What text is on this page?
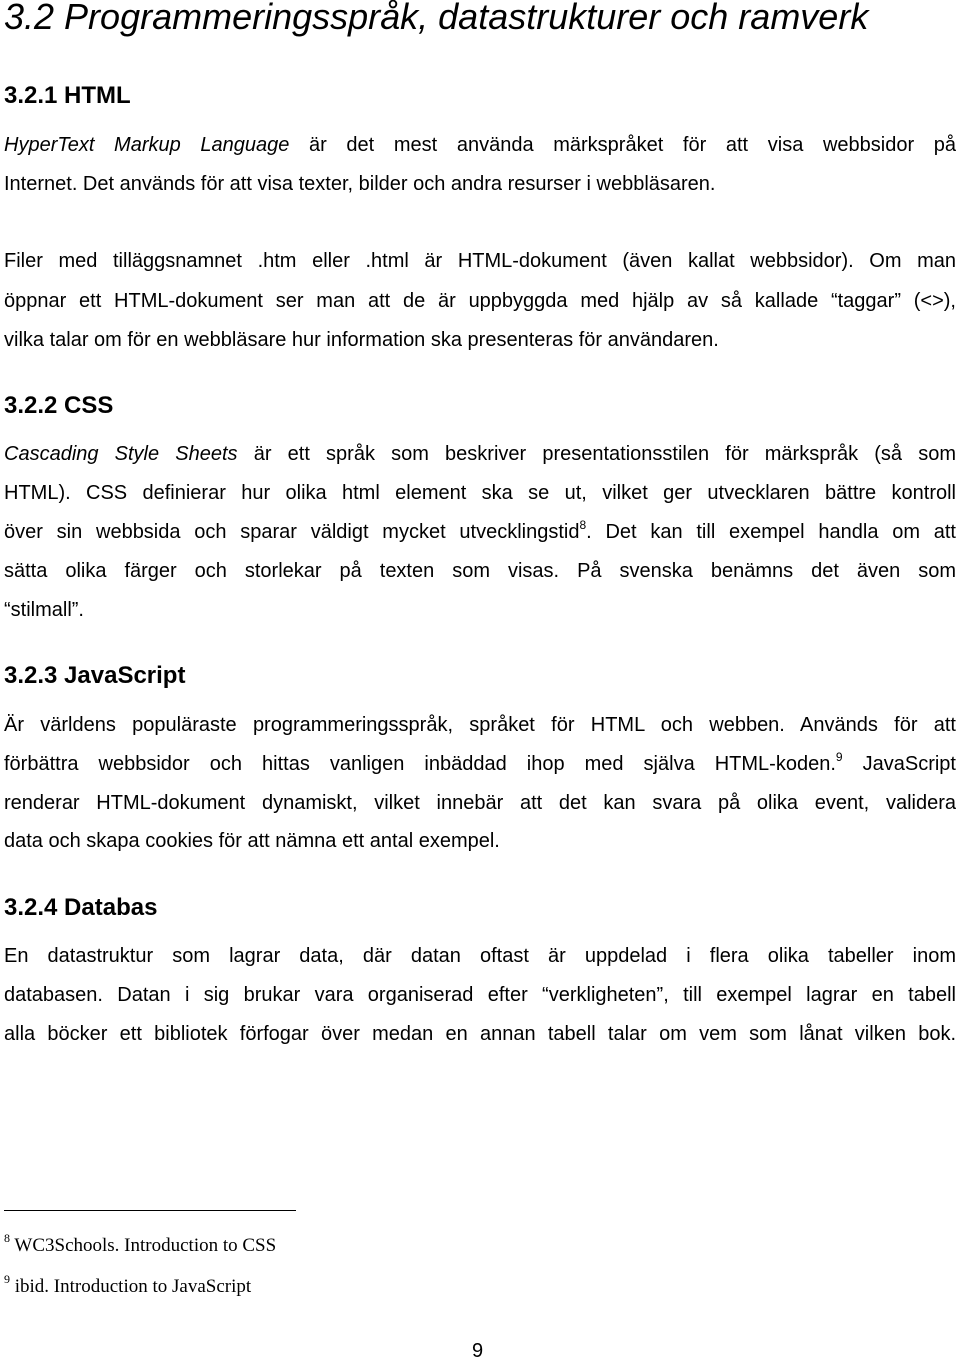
3.2 Programmeringsspråk, datastrukturer och ramverk
3.2.1 HTML
HyperText Markup Language är det mest använda märkspråket för att visa webbsidor på
Internet. Det används för att visa texter, bilder och andra resurser i webbläsaren.
Filer med tilläggsnamnet .htm eller .html är HTML-dokument (även kallat webbsidor). Om man
öppnar ett HTML-dokument ser man att de är uppbyggda med hjälp av så kallade “taggar” (<>),
vilka talar om för en webbläsare hur information ska presenteras för användaren.
3.2.2 CSS
Cascading Style Sheets är ett språk som beskriver presentationsstilen för märkspråk (så som
HTML). CSS definierar hur olika html element ska se ut, vilket ger utvecklaren bättre kontroll
över sin webbsida och sparar väldigt mycket utvecklingstid$^8$. Det kan till exempel handla om att
sätta olika färger och storlekar på texten som visas. På svenska benämns det även som
“stilmall”.
3.2.3 JavaScript
Är världens populäraste programmeringsspråk, språket för HTML och webben. Används för att
förbättra webbsidor och hittas vanligen inbäddad ihop med själva HTML-koden.$^9$ JavaScript
renderar HTML-dokument dynamiskt, vilket innebär att det kan svara på olika event, validera
data och skapa cookies för att nämna ett antal exempel.
3.2.4 Databas
En datastruktur som lagrar data, där datan oftast är uppdelad i flera olika tabeller inom
databasen. Datan i sig brukar vara organiserad efter “verkligheten”, till exempel lagrar en tabell
alla böcker ett bibliotek förfogar över medan en annan tabell talar om vem som lånat vilken bok.
$^8$ WC3Schools. Introduction to CSS
$^9$ ibid. Introduction to JavaScript
9
